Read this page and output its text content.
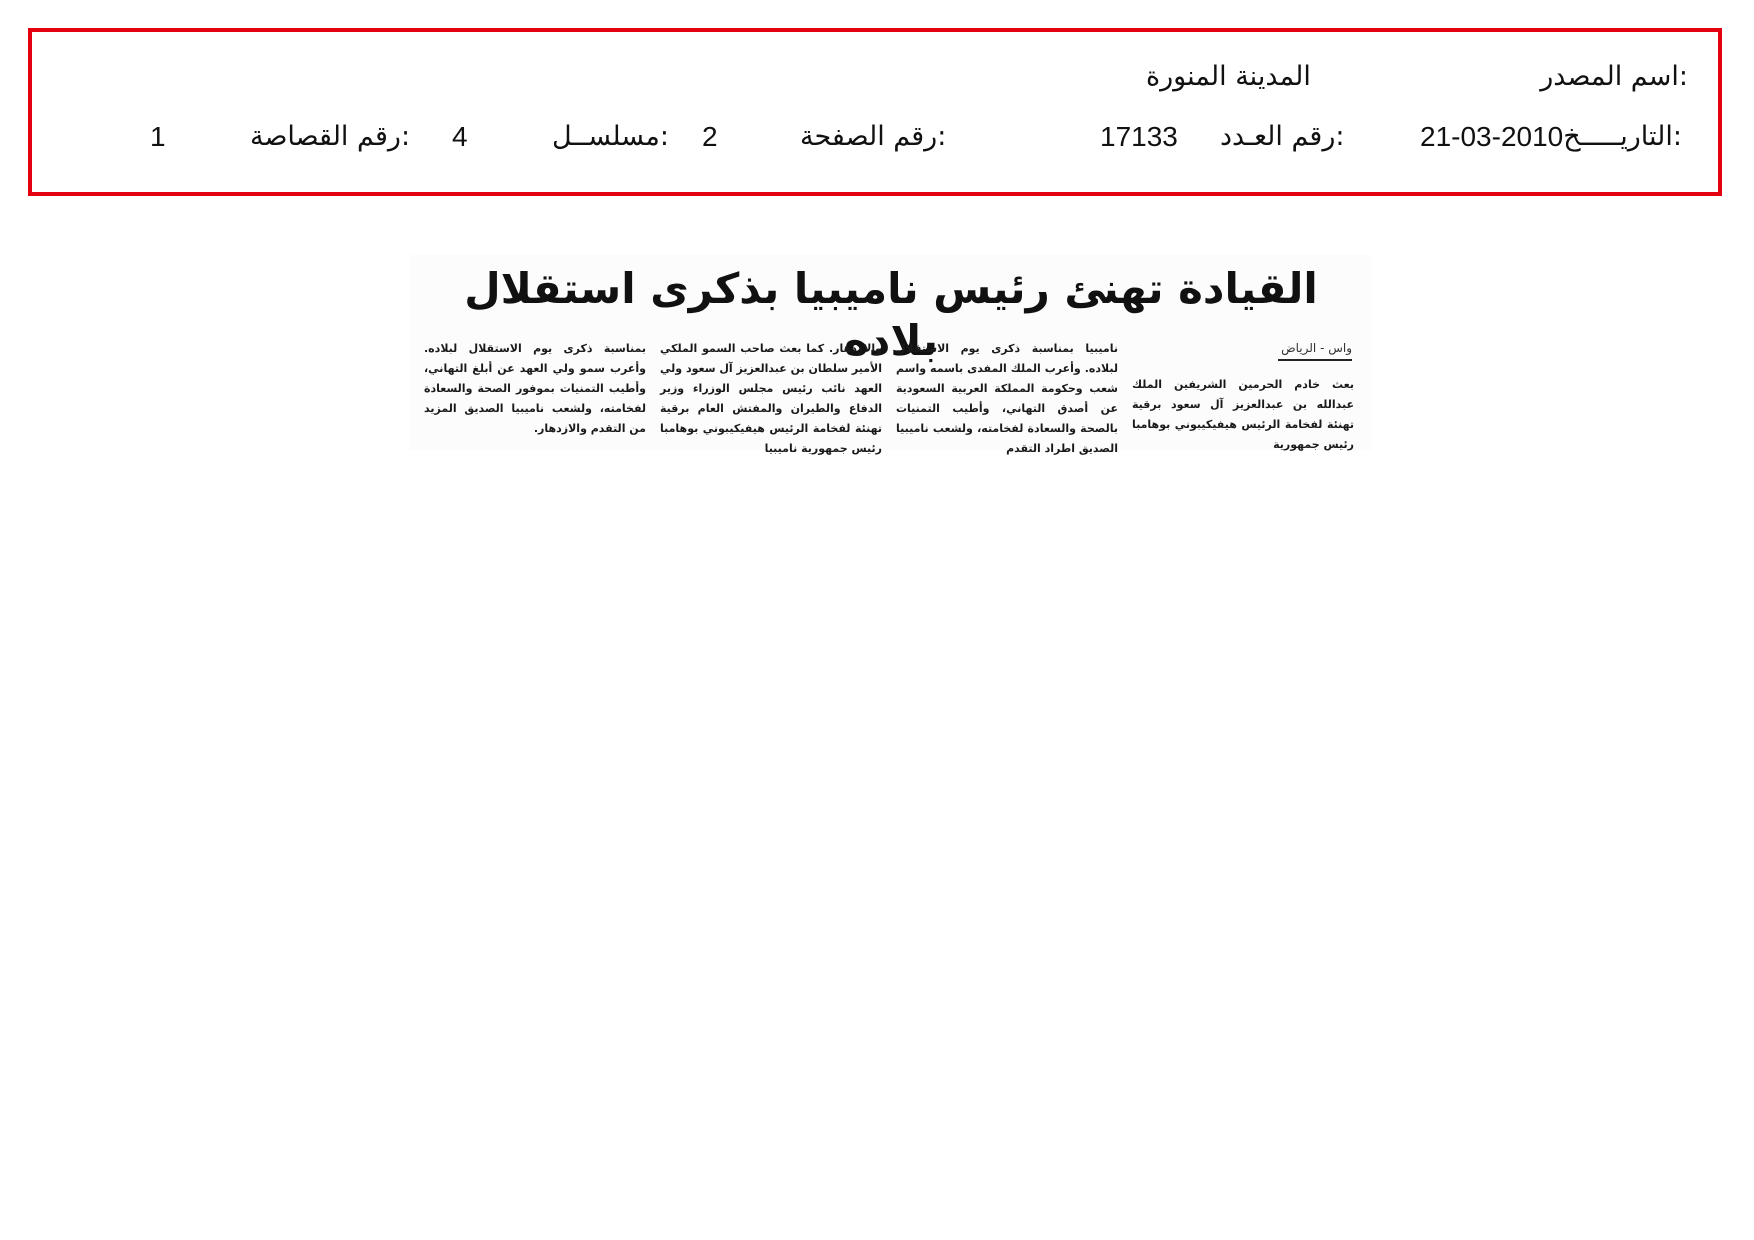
اسم المصدر:
المدينة المنورة
التاريـــــخ:
21-03-2010
رقم العـدد:
17133
رقم الصفحة:
2
مسلســل:
4
رقم القصاصة:
1
القيادة تهنئ رئيس ناميبيا بذكرى استقلال بلاده	واس - الرياض

بعث خادم الحرمين الشريفين الملك عبدالله بن عبدالعزيز آل سعود برقية تهنئة لفخامة الرئيس هيفيكيبوني بوهامبا رئيس جمهورية

ناميبيا بمناسبة ذكرى يوم الاستقلال لبلاده. وأعرب الملك المفدى باسمه واسم شعب وحكومة المملكة العربية السعودية عن أصدق التهاني، وأطيب التمنيات بالصحة والسعادة لفخامته، ولشعب ناميبيا الصديق اطراد التقدم

والازدهار. كما بعث صاحب السمو الملكي الأمير سلطان بن عبدالعزيز آل سعود ولي العهد نائب رئيس مجلس الوزراء وزير الدفاع والطيران والمفتش العام برقية تهنئة لفخامة الرئيس هيفيكيبوني بوهامبا رئيس جمهورية ناميبيا

بمناسبة ذكرى يوم الاستقلال لبلاده. وأعرب سمو ولي العهد عن أبلغ التهاني، وأطيب التمنيات بموفور الصحة والسعادة لفخامته، ولشعب ناميبيا الصديق المزيد من التقدم والازدهار.
